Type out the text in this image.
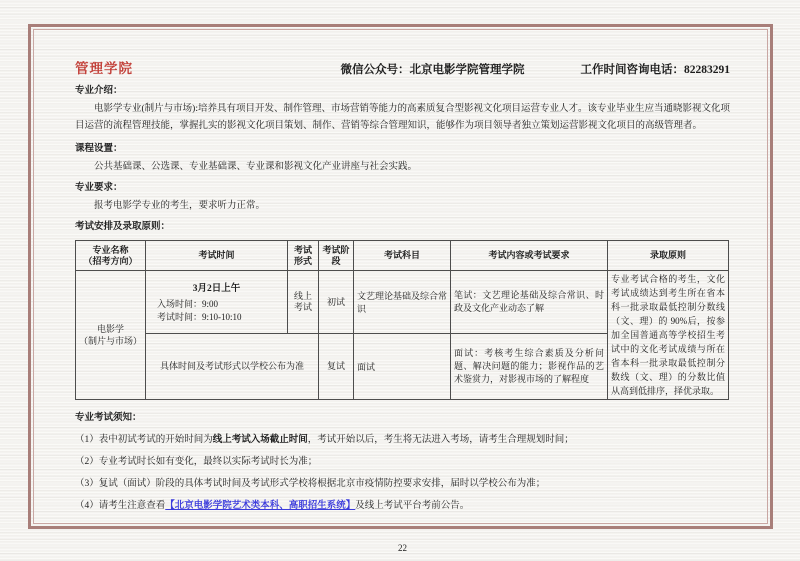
管理学院	微信公众号：北京电影学院管理学院	工作时间咨询电话：82283291
专业介绍：
电影学专业(制片与市场):培养具有项目开发、制作管理、市场营销等能力的高素质复合型影视文化项目运营专业人才。该专业毕业生应当通晓影视文化项目运营的流程管理技能，掌握扎实的影视文化项目策划、制作、营销等综合管理知识，能够作为项目领导者独立策划运营影视文化项目的高级管理者。
课程设置：
公共基础课、公选课、专业基础课、专业课和影视文化产业讲座与社会实践。
专业要求：
报考电影学专业的考生，要求听力正常。
考试安排及录取原则：
专业名称
（招考方向）	考试时间	考试形式	考试阶段	考试科目	考试内容或考试要求	录取原则

电影学
（制片与市场）

3月2日上午
入场时间：9:00
考试时间：9:10-10:10
	线上考试	初试	文艺理论基础及综合常识	笔试：文艺理论基础及综合常识、时政及文化产业动态了解	专业考试合格的考生，文化考试成绩达到考生所在省本科一批录取最低控制分数线（文、理）的 90%后，按参加全国普通高等学校招生考试中的文化考试成绩与所在省本科一批录取最低控制分数线（文、理）的分数比值从高到低排序，择优录取。
	具体时间及考试形式以学校公布为准		复试	面试	面试：考核考生综合素质及分析问题、解决问题的能力；影视作品的艺术鉴赏力，对影视市场的了解程度	
专业考试须知：

（1）表中初试考试的开始时间为线上考试入场截止时间，考试开始以后，考生将无法进入考场，请考生合理规划时间；

（2）专业考试时长如有变化，最终以实际考试时长为准；

（3）复试（面试）阶段的具体考试时间及考试形式学校将根据北京市疫情防控要求安排，届时以学校公布为准；

（4）请考生注意查看【北京电影学院艺术类本科、高职招生系统】及线上考试平台考前公告。

22
